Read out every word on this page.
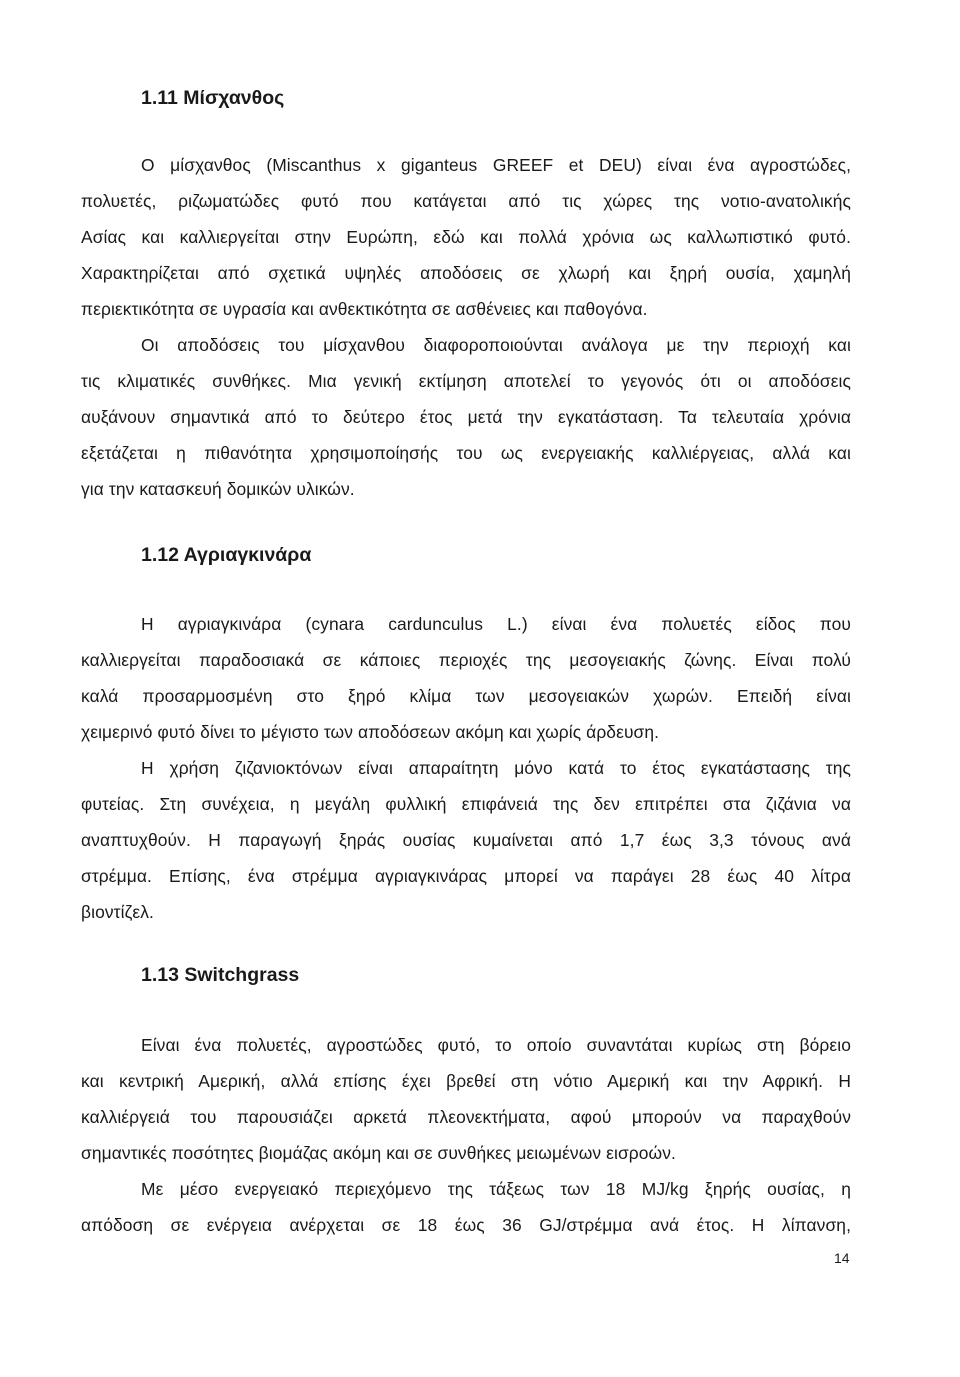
1.11 Μίσχανθος

Ο μίσχανθος (Miscanthus x giganteus GREEF et DEU) είναι ένα αγροστώδες,

πολυετές, ριζωματώδες φυτό που κατάγεται από τις χώρες της νοτιο-ανατολικής

Ασίας και καλλιεργείται στην Ευρώπη, εδώ και πολλά χρόνια ως καλλωπιστικό φυτό.

Χαρακτηρίζεται από σχετικά υψηλές αποδόσεις σε χλωρή και ξηρή ουσία, χαμηλή

περιεκτικότητα σε υγρασία και ανθεκτικότητα σε ασθένειες και παθογόνα.

Οι αποδόσεις του μίσχανθου διαφοροποιούνται ανάλογα με την περιοχή και

τις κλιματικές συνθήκες. Μια γενική εκτίμηση αποτελεί το γεγονός ότι οι αποδόσεις

αυξάνουν σημαντικά από το δεύτερο έτος μετά την εγκατάσταση. Τα τελευταία χρόνια

εξετάζεται η πιθανότητα χρησιμοποίησής του ως ενεργειακής καλλιέργειας, αλλά και

για την κατασκευή δομικών υλικών.

1.12 Αγριαγκινάρα

Η αγριαγκινάρα (cynara cardunculus L.) είναι ένα πολυετές είδος που

καλλιεργείται παραδοσιακά σε κάποιες περιοχές της μεσογειακής ζώνης. Είναι πολύ

καλά προσαρμοσμένη στο ξηρό κλίμα των μεσογειακών χωρών. Επειδή είναι

χειμερινό φυτό δίνει το μέγιστο των αποδόσεων ακόμη και χωρίς άρδευση.

Η χρήση ζιζανιοκτόνων είναι απαραίτητη μόνο κατά το έτος εγκατάστασης της

φυτείας. Στη συνέχεια, η μεγάλη φυλλική επιφάνειά της δεν επιτρέπει στα ζιζάνια να

αναπτυχθούν. Η παραγωγή ξηράς ουσίας κυμαίνεται από 1,7 έως 3,3 τόνους ανά

στρέμμα. Επίσης, ένα στρέμμα αγριαγκινάρας μπορεί να παράγει 28 έως 40 λίτρα

βιοντίζελ.

1.13 Switchgrass

Είναι ένα πολυετές, αγροστώδες φυτό, το οποίο συναντάται κυρίως στη βόρειο

και κεντρική Αμερική, αλλά επίσης έχει βρεθεί στη νότιο Αμερική και την Αφρική. Η

καλλιέργειά του παρουσιάζει αρκετά πλεονεκτήματα, αφού μπορούν να παραχθούν

σημαντικές ποσότητες βιομάζας ακόμη και σε συνθήκες μειωμένων εισροών.

Με μέσο ενεργειακό περιεχόμενο της τάξεως των 18 MJ/kg ξηρής ουσίας, η

απόδοση σε ενέργεια ανέρχεται σε 18 έως 36 GJ/στρέμμα ανά έτος. Η λίπανση,

14
